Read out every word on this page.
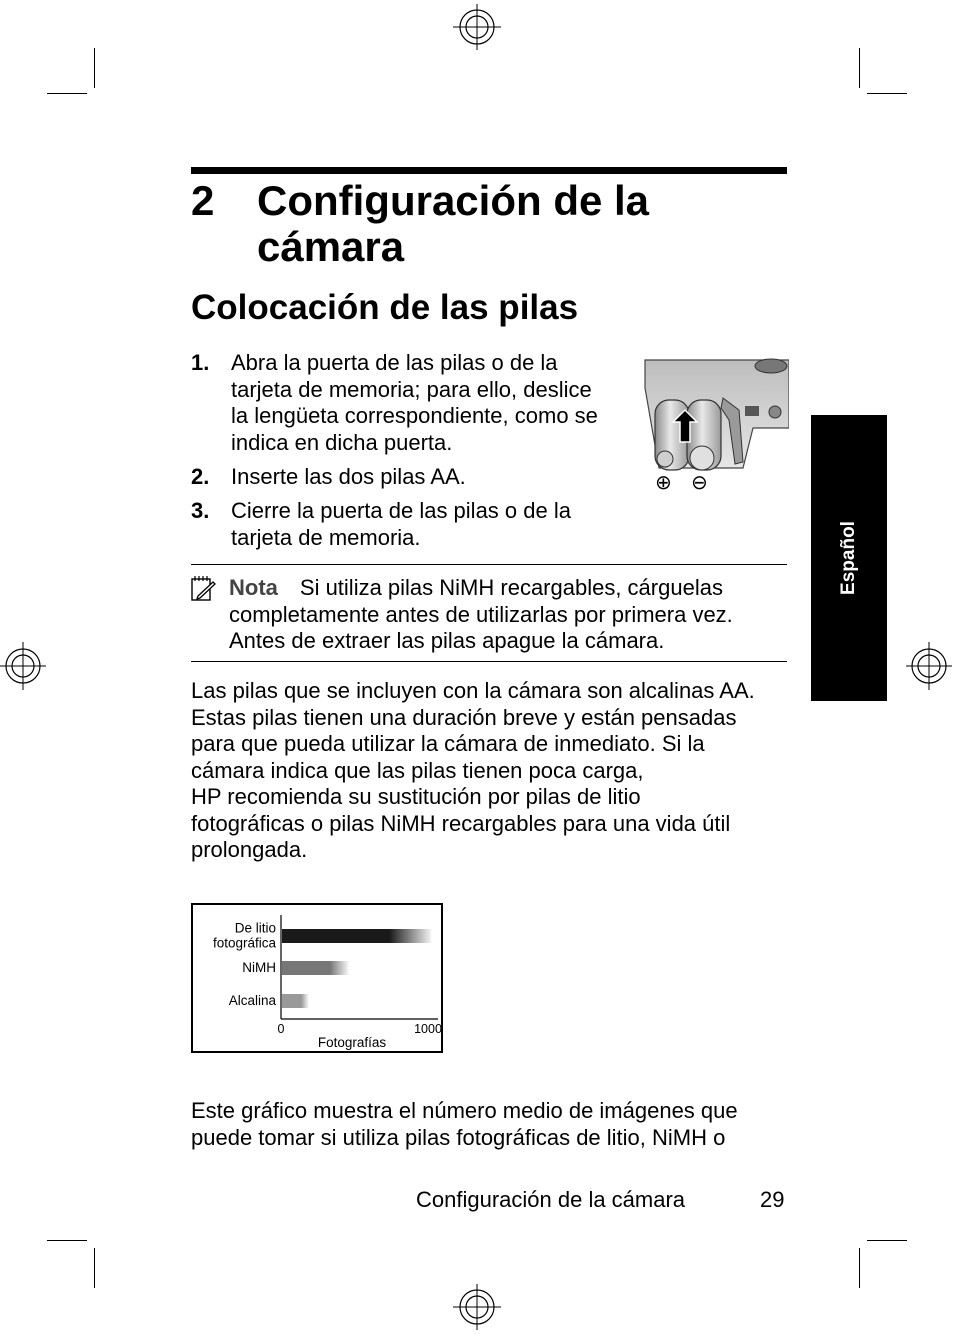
2 Configuración de la cámara
Colocación de las pilas
1. Abra la puerta de las pilas o de la
tarjeta de memoria; para ello, deslice
la lengüeta correspondiente, como se
indica en dicha puerta.
2. Inserte las dos pilas AA.
3. Cierre la puerta de las pilas o de la
tarjeta de memoria.
⊕ ⊖
Nota Si utiliza pilas NiMH recargables, cárguelas completamente antes de utilizarlas por primera vez. Antes de extraer las pilas apague la cámara.
Las pilas que se incluyen con la cámara son alcalinas AA.
Estas pilas tienen una duración breve y están pensadas
para que pueda utilizar la cámara de inmediato. Si la
cámara indica que las pilas tienen poca carga,
HP recomienda su sustitución por pilas de litio
fotográficas o pilas NiMH recargables para una vida útil
prolongada.
De litio
fotográfica
NiMH
Alcalina
0	1000
Fotografías
Este gráfico muestra el número medio de imágenes que
puede tomar si utiliza pilas fotográficas de litio, NiMH o
Español
Configuración de la cámara	29
